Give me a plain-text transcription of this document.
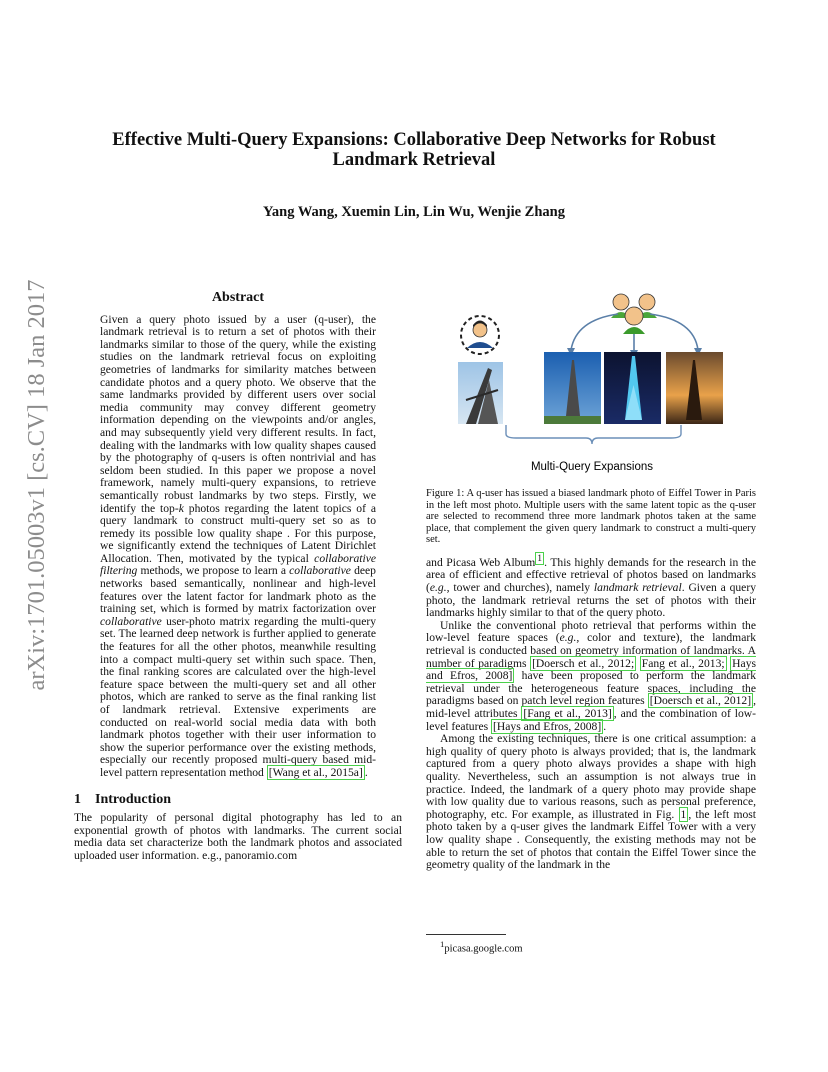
arXiv:1701.05003v1 [cs.CV] 18 Jan 2017
Effective Multi-Query Expansions: Collaborative Deep Networks for Robust
Landmark Retrieval
Yang Wang, Xuemin Lin, Lin Wu, Wenjie Zhang
Abstract

Given a query photo issued by a user (q-user), the landmark retrieval is to return a set of photos with their landmarks similar to those of the query, while the existing studies on the landmark retrieval focus on exploiting geometries of landmarks for similarity matches between candidate photos and a query photo. We observe that the same landmarks provided by different users over social media community may convey different geometry information depending on the viewpoints and/or angles, and may subsequently yield very different results. In fact, dealing with the landmarks with low quality shapes caused by the photography of q-users is often nontrivial and has seldom been studied. In this paper we propose a novel framework, namely multi-query expansions, to retrieve semantically robust landmarks by two steps. Firstly, we identify the top-k photos regarding the latent topics of a query landmark to construct multi-query set so as to remedy its possible low quality shape . For this purpose, we significantly extend the techniques of Latent Dirichlet Allocation. Then, motivated by the typical collaborative filtering methods, we propose to learn a collaborative deep networks based semantically, nonlinear and high-level features over the latent factor for landmark photo as the training set, which is formed by matrix factorization over collaborative user-photo matrix regarding the multi-query set. The learned deep network is further applied to generate the features for all the other photos, meanwhile resulting into a compact multi-query set within such space. Then, the final ranking scores are calculated over the high-level feature space between the multi-query set and all other photos, which are ranked to serve as the final ranking list of landmark retrieval. Extensive experiments are conducted on real-world social media data with both landmark photos together with their user information to show the superior performance over the existing methods, especially our recently proposed multi-query based mid-level pattern representation method [Wang et al., 2015a] .

1 Introduction

The popularity of personal digital photography has led to an exponential growth of photos with landmarks. The current social media data set characterize both the landmark photos and associated uploaded user information. e.g., panoramio.com

Multi-Query Expansions
Figure 1: A q-user has issued a biased landmark photo of Eiffel Tower in Paris in the left most photo. Multiple users with the same latent topic as the q-user are selected to recommend three more landmark photos taken at the same place, that complement the given query landmark to construct a multi-query set.

and Picasa Web Album $^1$ . This highly demands for the research in the area of efficient and effective retrieval of photos based on landmarks (e.g., tower and churches), namely landmark retrieval. Given a query photo, the landmark retrieval returns the set of photos with their landmarks highly similar to that of the query photo.

Unlike the conventional photo retrieval that performs within the low-level feature spaces (e.g., color and texture), the landmark retrieval is conducted based on geometry information of landmarks. A number of paradigms [Doersch et al., 2012; Fang et al., 2013; Hays and Efros, 2008] have been proposed to perform the landmark retrieval under the heterogeneous feature spaces, including the paradigms based on patch level region features [Doersch et al., 2012] , mid-level attributes [Fang et al., 2013] , and the combination of low-level features [Hays and Efros, 2008] .

Among the existing techniques, there is one critical assumption: a high quality of query photo is always provided; that is, the landmark captured from a query photo always provides a shape with high quality. Nevertheless, such an assumption is not always true in practice. Indeed, the landmark of a query photo may provide shape with low quality due to various reasons, such as personal preference, photography, etc. For example, as illustrated in Fig. 1 , the left most photo taken by a q-user gives the landmark Eiffel Tower with a very low quality shape . Consequently, the existing methods may not be able to return the set of photos that contain the Eiffel Tower since the geometry quality of the landmark in the

$^1$picasa.google.com
